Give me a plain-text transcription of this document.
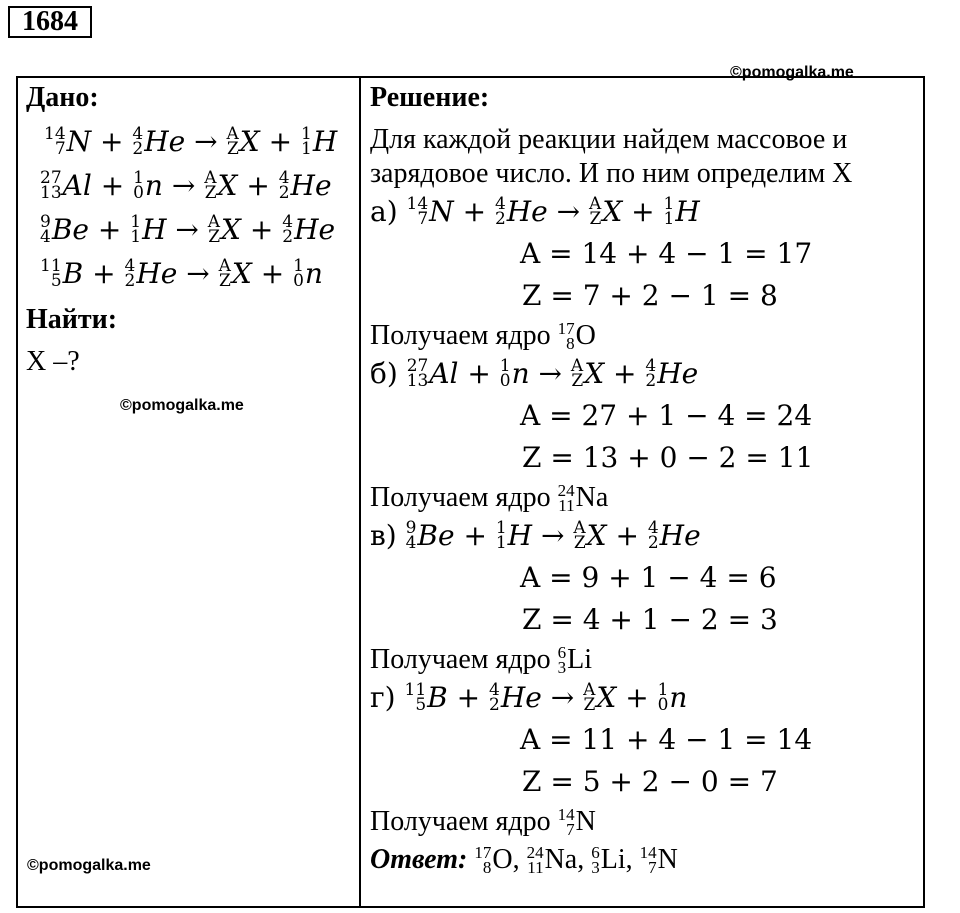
1684
©pomogalka.me
©pomogalka.me
©pomogalka.me
Дано:
14
7 N + 4
2 He → A
Z X + 1
1 H
27
13 Al + 1
0 n → A
Z X + 4
2 He
9
4 Be + 1
1 H → A
Z X + 4
2 He
11
5 B + 4
2 He → A
Z X + 1
0 n
Найти:
X –?
Решение:
Для каждой реакции найдем массовое и
зарядовое число. И по ним определим X
а) 14
7 N + 4
2 He → A
Z X + 1
1 H
A = 14 + 4 − 1 = 17
Z = 7 + 2 − 1 = 8
Получаем ядро 17
8 O
б) 27
13 Al + 1
0 n → A
Z X + 4
2 He
A = 27 + 1 − 4 = 24
Z = 13 + 0 − 2 = 11
Получаем ядро 24
11 Na
в) 9
4 Be + 1
1 H → A
Z X + 4
2 He
A = 9 + 1 − 4 = 6
Z = 4 + 1 − 2 = 3
Получаем ядро 6
3 Li
г) 11
5 B + 4
2 He → A
Z X + 1
0 n
A = 11 + 4 − 1 = 14
Z = 5 + 2 − 0 = 7
Получаем ядро 14
7 N
Ответ: 17
8 O, 24
11 Na, 6
3 Li, 14
7 N
